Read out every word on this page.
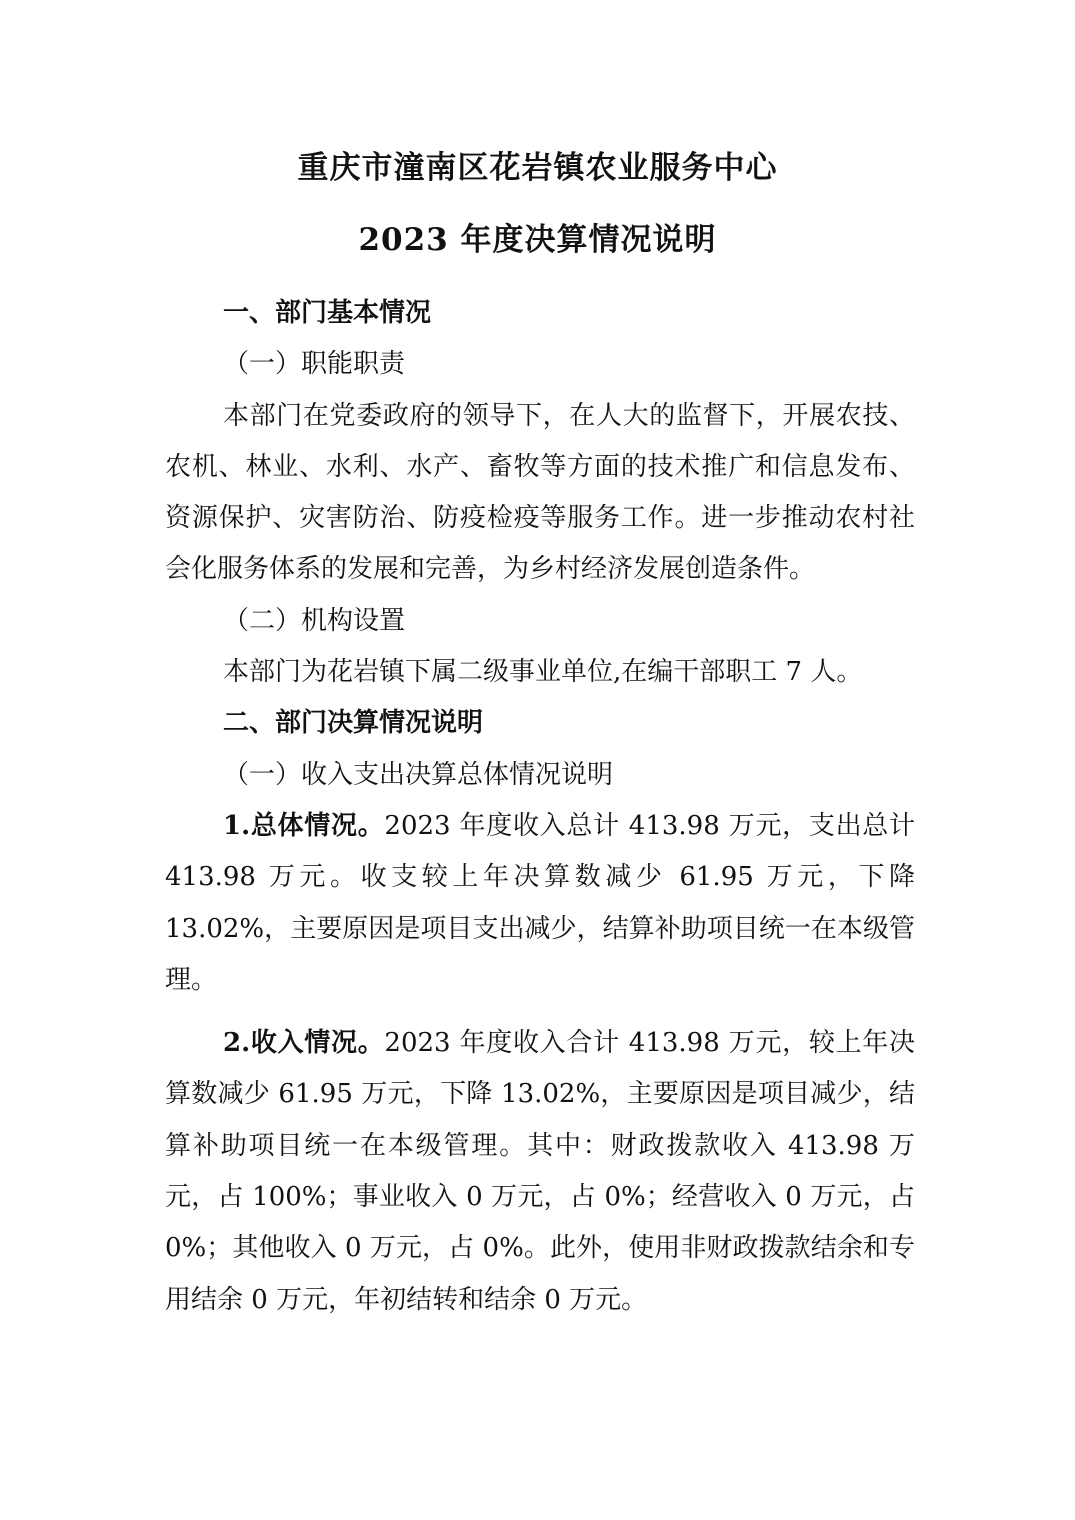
重庆市潼南区花岩镇农业服务中心
2023 年度决算情况说明

一、部门基本情况

（一）职能职责

本部门在党委政府的领导下，在人大的监督下，开展农技、农机、林业、水利、水产、畜牧等方面的技术推广和信息发布、资源保护、灾害防治、防疫检疫等服务工作。进一步推动农村社会化服务体系的发展和完善，为乡村经济发展创造条件。

（二）机构设置

本部门为花岩镇下属二级事业单位,在编干部职工 7 人。

二、部门决算情况说明

（一）收入支出决算总体情况说明

1.总体情况。2023 年度收入总计 413.98 万元，支出总计 413.98 万元。收支较上年决算数减少 61.95 万元，下降 13.02%，主要原因是项目支出减少，结算补助项目统一在本级管理。

2.收入情况。2023 年度收入合计 413.98 万元，较上年决算数减少 61.95 万元，下降 13.02%，主要原因是项目减少，结算补助项目统一在本级管理。其中：财政拨款收入 413.98 万元，占 100%；事业收入 0 万元，占 0%；经营收入 0 万元，占 0%；其他收入 0 万元，占 0%。此外，使用非财政拨款结余和专用结余 0 万元，年初结转和结余 0 万元。
